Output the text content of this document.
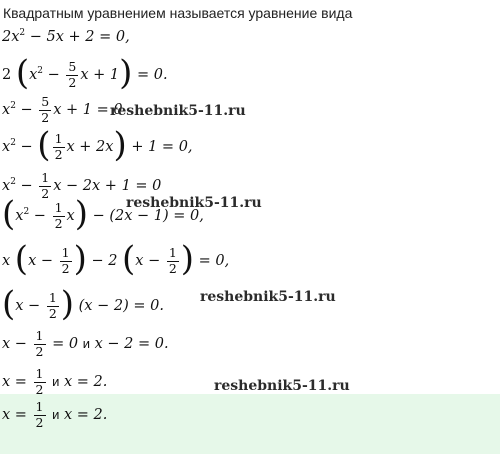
Квадратным уравнением называется уравнение вида
$2x^2 - 5x + 2 = 0$,
2 ($x^2 - \frac{5}{2}$ x + 1) = 0.
$x^2 - \frac{5}{2}$ x + 1 = 0
$x^2$ − ( $\frac{1}{2}$ x + 2x) + 1 = 0,
$x^2 - \frac{1}{2}$ x − 2x + 1 = 0
$(x^2 - \frac{1}{2} x) - (2x - 1) = 0$,
x ($x - \frac{1}{2}$ ) − 2 ($x - \frac{1}{2}$ ) = 0,
($x - \frac{1}{2}$ ) (x − 2) = 0.
$x - \frac{1}{2} = 0$ и x − 2 = 0.
$x = \frac{1}{2}$ и x = 2.
$x = \frac{1}{2}$ и x = 2.
reshebnik5-11.ru
reshebnik5-11.ru
reshebnik5-11.ru
reshebnik5-11.ru
